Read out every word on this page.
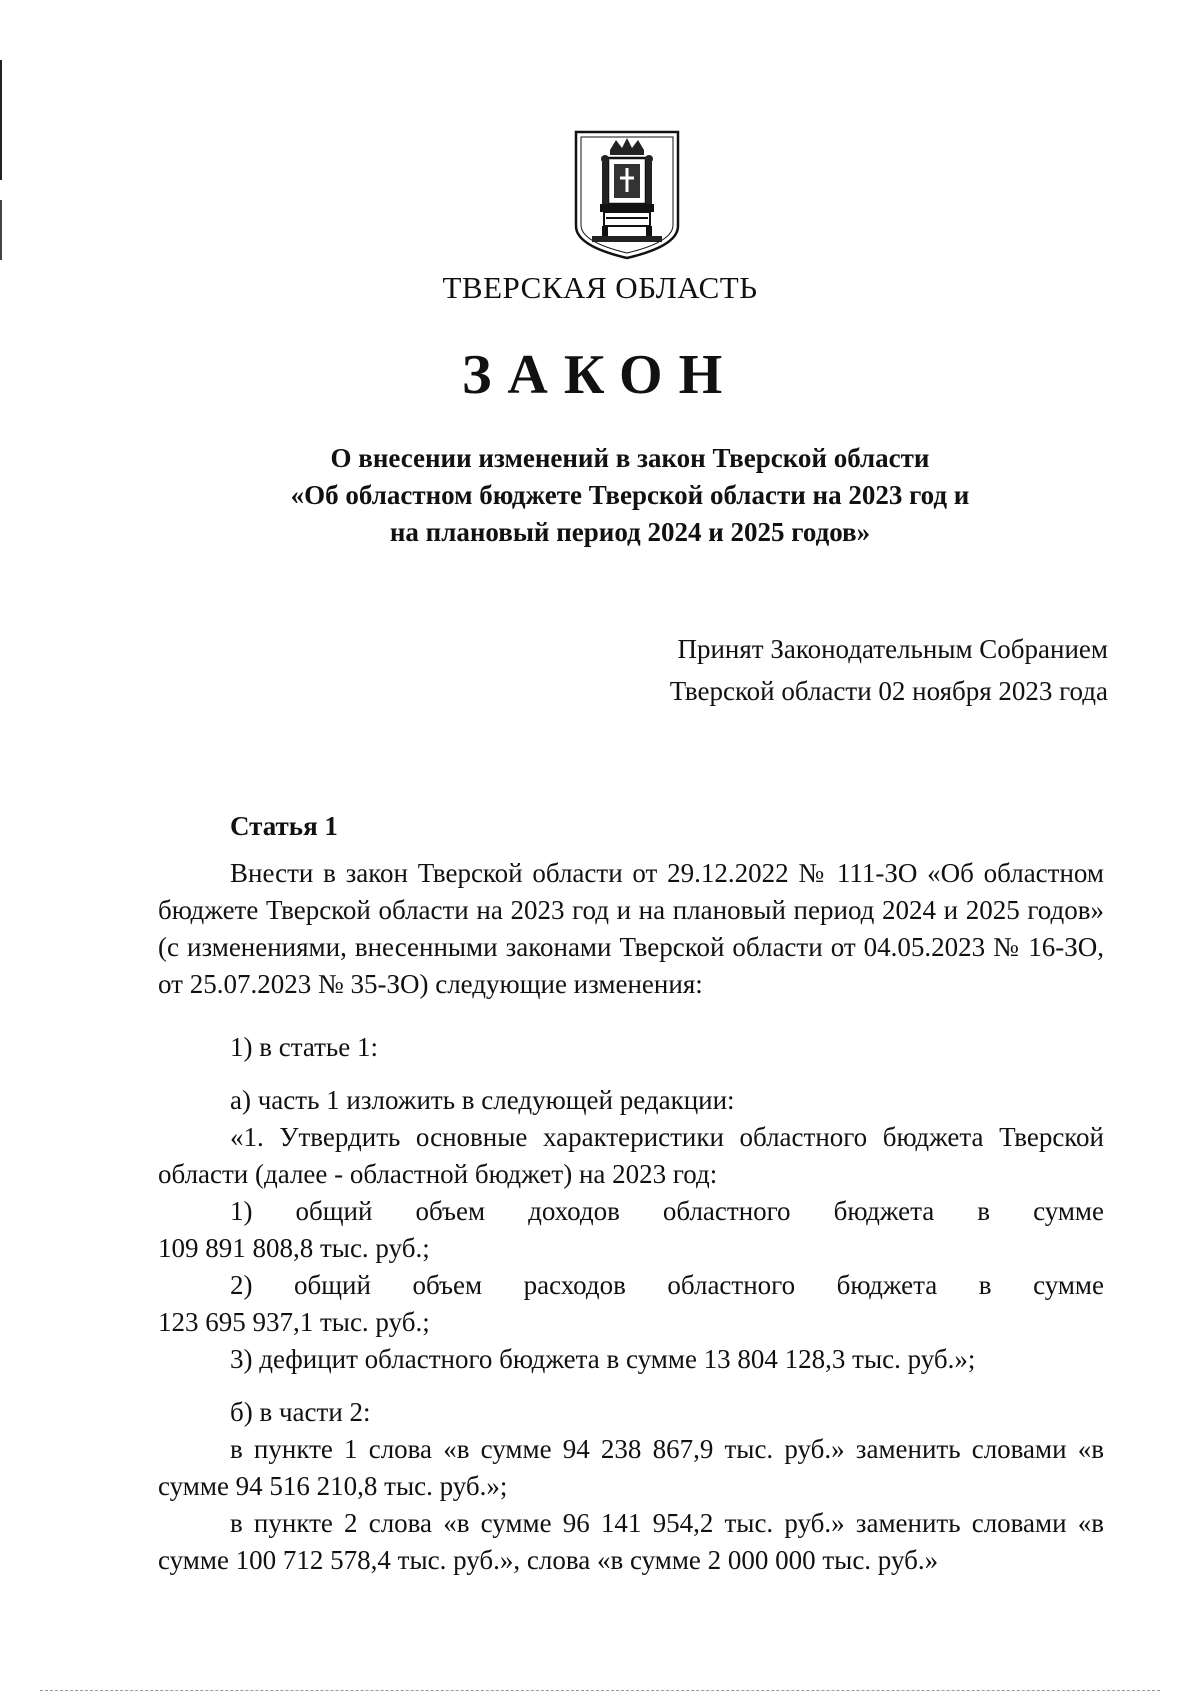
ТВЕРСКАЯ ОБЛАСТЬ
ЗАКОН
О внесении изменений в закон Тверской области
«Об областном бюджете Тверской области на 2023 год и
на плановый период 2024 и 2025 годов»
Принят Законодательным Собранием
Тверской области 02 ноября 2023 года
Статья 1

Внести в закон Тверской области от 29.12.2022 № 111-ЗО «Об областном бюджете Тверской области на 2023 год и на плановый период 2024 и 2025 годов» (с изменениями, внесенными законами Тверской области от 04.05.2023 № 16-ЗО, от 25.07.2023 № 35-ЗО) следующие изменения:

1) в статье 1:

а) часть 1 изложить в следующей редакции:

«1. Утвердить основные характеристики областного бюджета Тверской области (далее - областной бюджет) на 2023 год:

1) общий объем доходов областного бюджета в сумме

109 891 808,8 тыс. руб.;

2) общий объем расходов областного бюджета в сумме

123 695 937,1 тыс. руб.;

3) дефицит областного бюджета в сумме 13 804 128,3 тыс. руб.»;

б) в части 2:

в пункте 1 слова «в сумме 94 238 867,9 тыс. руб.» заменить словами «в сумме 94 516 210,8 тыс. руб.»;

в пункте 2 слова «в сумме 96 141 954,2 тыс. руб.» заменить словами «в сумме 100 712 578,4 тыс. руб.», слова «в сумме 2 000 000 тыс. руб.»
